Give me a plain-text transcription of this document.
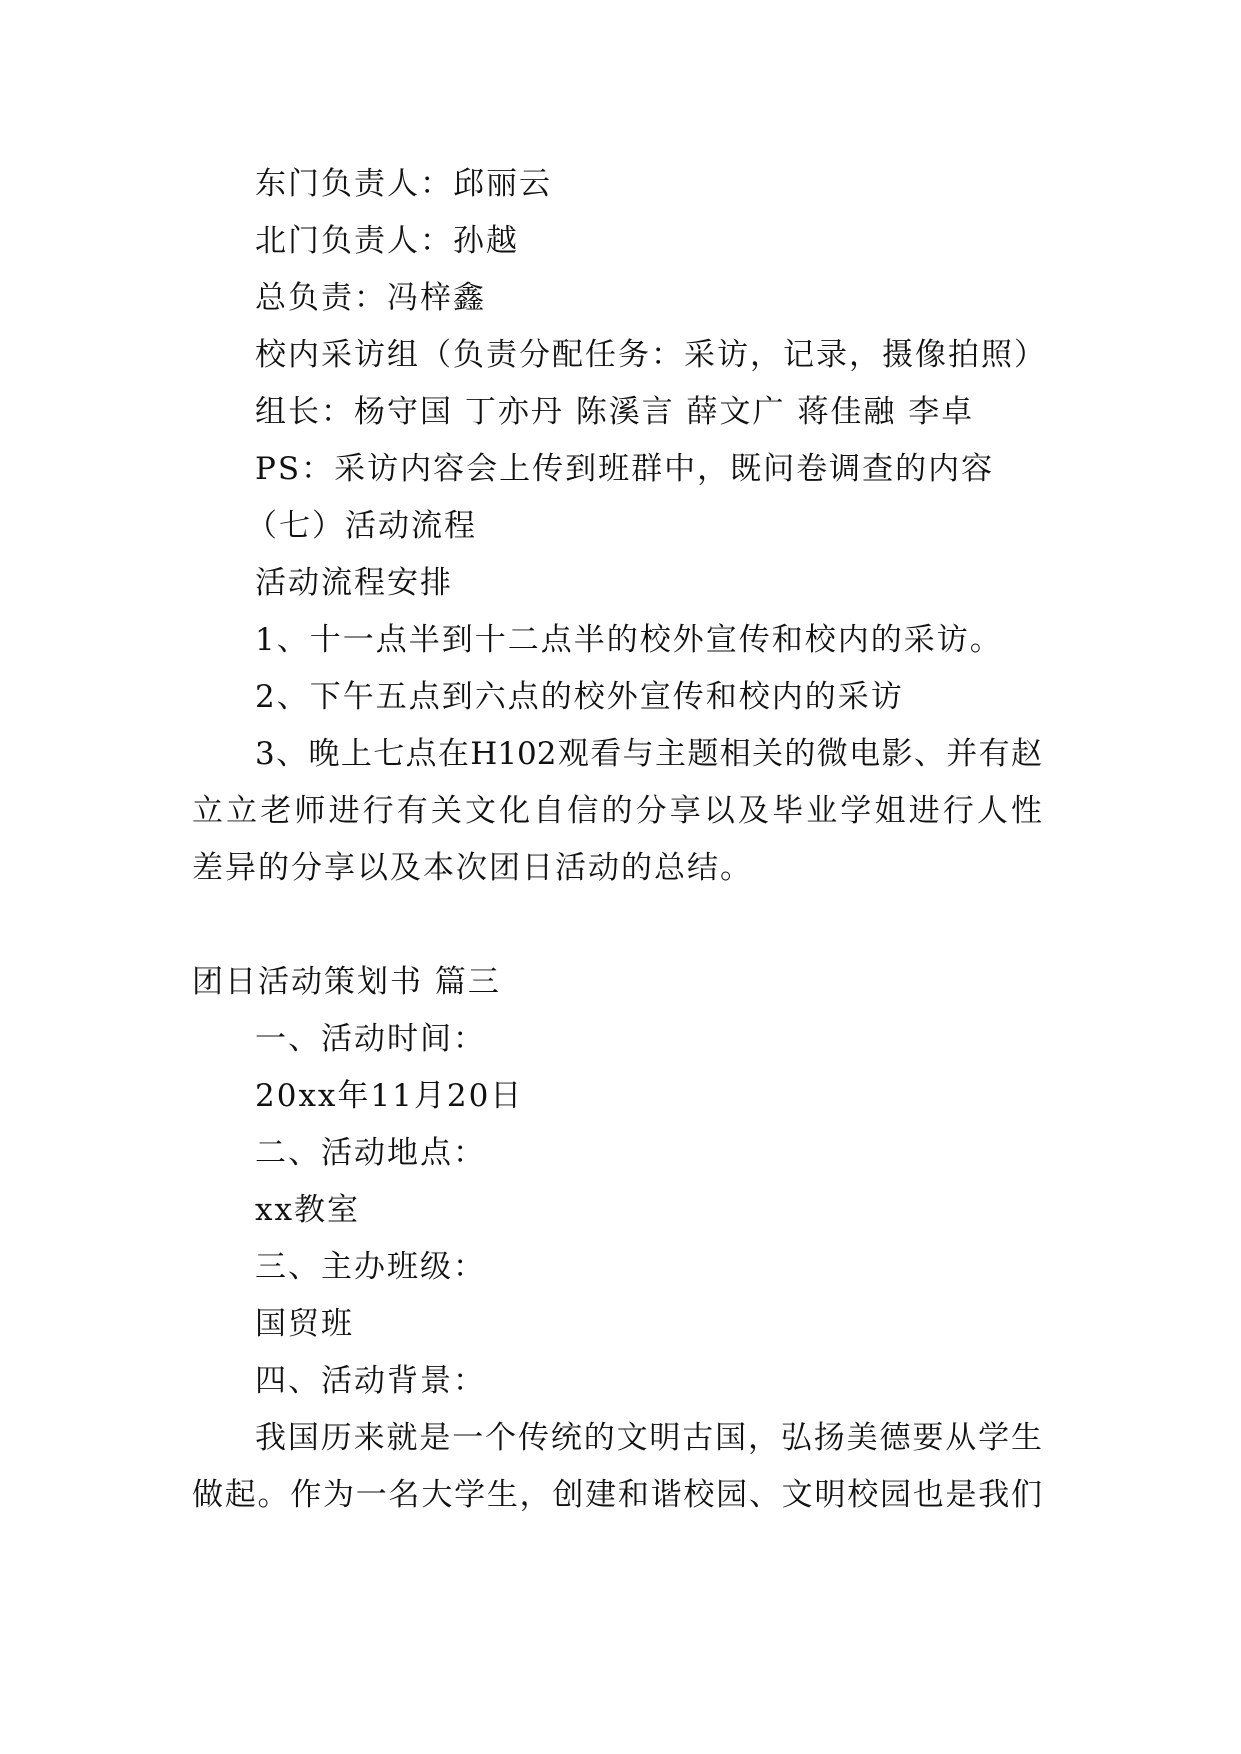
东门负责人：邱丽云
北门负责人：孙越
总负责：冯梓鑫
校内采访组（负责分配任务：采访，记录，摄像拍照）
组长：杨守国 丁亦丹 陈溪言 薛文广 蒋佳融 李卓
PS：采访内容会上传到班群中，既问卷调查的内容
（七）活动流程
活动流程安排
1、十一点半到十二点半的校外宣传和校内的采访。
2、下午五点到六点的校外宣传和校内的采访
3、晚上七点在H102观看与主题相关的微电影、并有赵
立立老师进行有关文化自信的分享以及毕业学姐进行人性
差异的分享以及本次团日活动的总结。
团日活动策划书 篇三
一、活动时间：
20xx年11月20日
二、活动地点：
xx教室
三、主办班级：
国贸班
四、活动背景：
我国历来就是一个传统的文明古国，弘扬美德要从学生
做起。作为一名大学生，创建和谐校园、文明校园也是我们
